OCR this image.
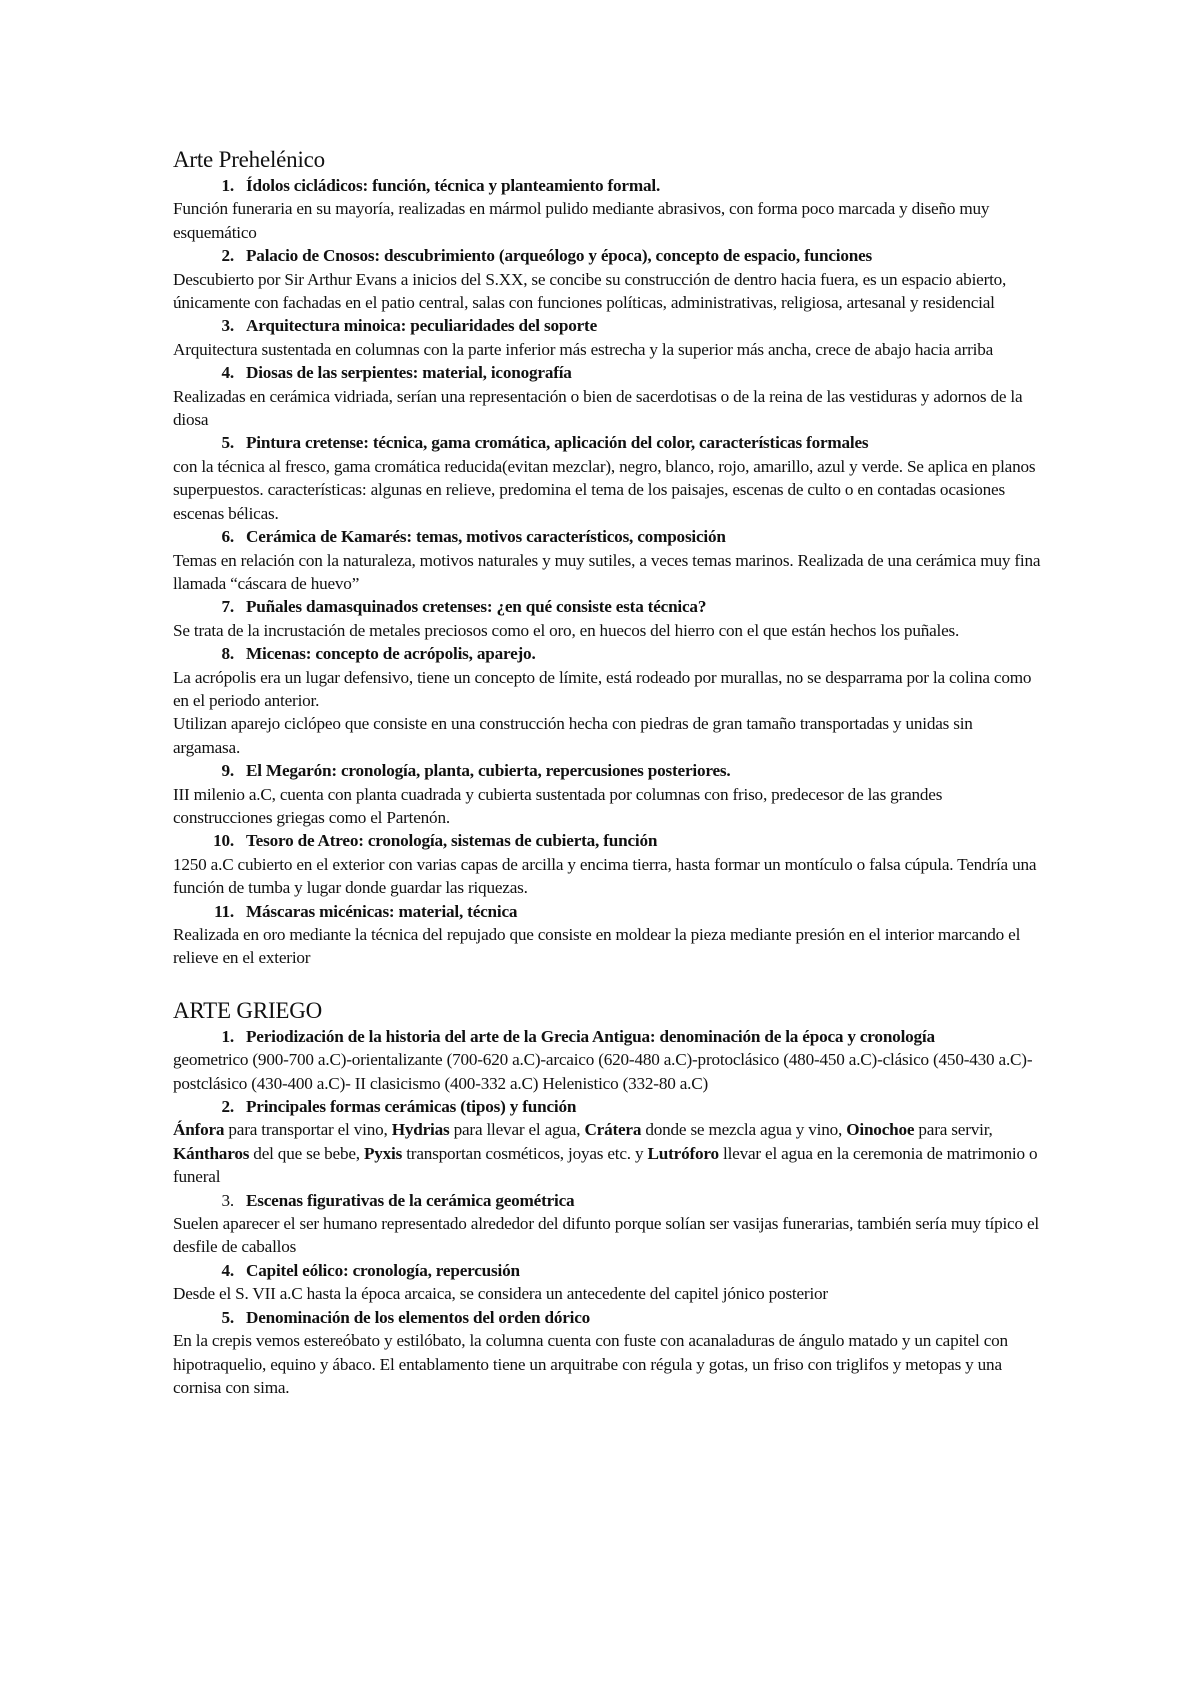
Arte Prehelénico
1. Ídolos cicládicos: función, técnica y planteamiento formal.

Función funeraria en su mayoría, realizadas en mármol pulido mediante abrasivos, con forma poco marcada y diseño muy esquemático

2. Palacio de Cnosos: descubrimiento (arqueólogo y época), concepto de espacio, funciones

Descubierto por Sir Arthur Evans a inicios del S.XX, se concibe su construcción de dentro hacia fuera, es un espacio abierto, únicamente con fachadas en el patio central, salas con funciones políticas, administrativas, religiosa, artesanal y residencial

3. Arquitectura minoica: peculiaridades del soporte

Arquitectura sustentada en columnas con la parte inferior más estrecha y la superior más ancha, crece de abajo hacia arriba

4. Diosas de las serpientes: material, iconografía

Realizadas en cerámica vidriada, serían una representación o bien de sacerdotisas o de la reina de las vestiduras y adornos de la diosa

5. Pintura cretense: técnica, gama cromática, aplicación del color, características formales

con la técnica al fresco, gama cromática reducida(evitan mezclar), negro, blanco, rojo, amarillo, azul y verde. Se aplica en planos superpuestos. características: algunas en relieve, predomina el tema de los paisajes, escenas de culto o en contadas ocasiones escenas bélicas.

6. Cerámica de Kamarés: temas, motivos característicos, composición

Temas en relación con la naturaleza, motivos naturales y muy sutiles, a veces temas marinos. Realizada de una cerámica muy fina llamada “cáscara de huevo”

7. Puñales damasquinados cretenses: ¿en qué consiste esta técnica?

Se trata de la incrustación de metales preciosos como el oro, en huecos del hierro con el que están hechos los puñales.

8. Micenas: concepto de acrópolis, aparejo.

La acrópolis era un lugar defensivo, tiene un concepto de límite, está rodeado por murallas, no se desparrama por la colina como en el periodo anterior.

Utilizan aparejo ciclópeo que consiste en una construcción hecha con piedras de gran tamaño transportadas y unidas sin argamasa.

9. El Megarón: cronología, planta, cubierta, repercusiones posteriores.

III milenio a.C, cuenta con planta cuadrada y cubierta sustentada por columnas con friso, predecesor de las grandes construcciones griegas como el Partenón.

10. Tesoro de Atreo: cronología, sistemas de cubierta, función

1250 a.C cubierto en el exterior con varias capas de arcilla y encima tierra, hasta formar un montículo o falsa cúpula. Tendría una función de tumba y lugar donde guardar las riquezas.

11. Máscaras micénicas: material, técnica

Realizada en oro mediante la técnica del repujado que consiste en moldear la pieza mediante presión en el interior marcando el relieve en el exterior

ARTE GRIEGO
1. Periodización de la historia del arte de la Grecia Antigua: denominación de la época y cronología

geometrico (900-700 a.C)-orientalizante (700-620 a.C)-arcaico (620-480 a.C)-protoclásico (480-450 a.C)-clásico (450-430 a.C)- postclásico (430-400 a.C)- II clasicismo (400-332 a.C) Helenistico (332-80 a.C)

2. Principales formas cerámicas (tipos) y función

Ánfora para transportar el vino, Hydrias para llevar el agua, Crátera donde se mezcla agua y vino, Oinochoe para servir, Kántharos del que se bebe, Pyxis transportan cosméticos, joyas etc. y Lutróforo llevar el agua en la ceremonia de matrimonio o funeral

3. Escenas figurativas de la cerámica geométrica

Suelen aparecer el ser humano representado alrededor del difunto porque solían ser vasijas funerarias, también sería muy típico el desfile de caballos

4. Capitel eólico: cronología, repercusión

Desde el S. VII a.C hasta la época arcaica, se considera un antecedente del capitel jónico posterior

5. Denominación de los elementos del orden dórico

En la crepis vemos estereóbato y estilóbato, la columna cuenta con fuste con acanaladuras de ángulo matado y un capitel con hipotraquelio, equino y ábaco. El entablamento tiene un arquitrabe con régula y gotas, un friso con triglifos y metopas y una cornisa con sima.
